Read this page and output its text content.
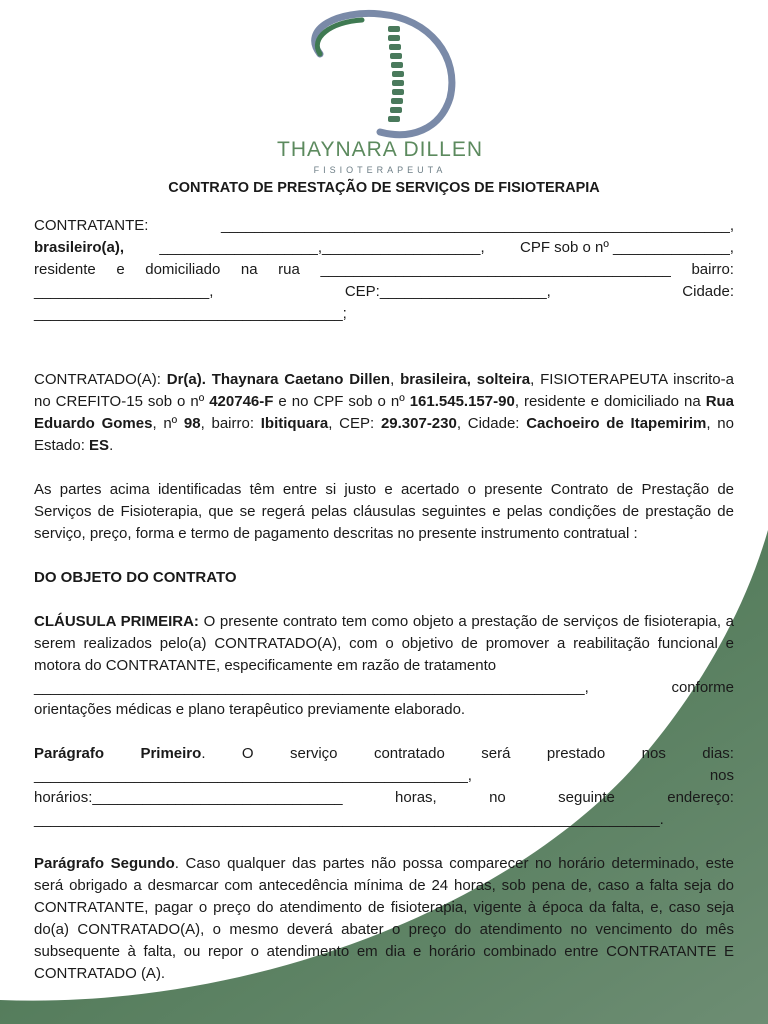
THAYNARA DILLEN
FISIOTERAPEUTA
CONTRATO DE PRESTAÇÃO DE SERVIÇOS DE FISIOTERAPIA
CONTRATANTE:	_____________________________________________________________,
brasileiro(a), ___________________,___________________, CPF sob o nº ______________,
residente e domiciliado na rua __________________________________________ bairro:
_____________________,	CEP:____________________,	Cidade:
_____________________________________;

CONTRATADO(A): Dr(a). Thaynara Caetano Dillen, brasileira, solteira, FISIOTERAPEUTA inscrito-a no CREFITO-15 sob o nº 420746-F e no CPF sob o nº 161.545.157-90, residente e domiciliado na Rua Eduardo Gomes, nº 98, bairro: Ibitiquara, CEP: 29.307-230, Cidade: Cachoeiro de Itapemirim, no Estado: ES.

As partes acima identificadas têm entre si justo e acertado o presente Contrato de Prestação de Serviços de Fisioterapia, que se regerá pelas cláusulas seguintes e pelas condições de prestação de serviço, preço, forma e termo de pagamento descritas no presente instrumento contratual :

DO OBJETO DO CONTRATO

CLÁUSULA PRIMEIRA: O presente contrato tem como objeto a prestação de serviços de fisioterapia, a serem realizados pelo(a) CONTRATADO(A), com o objetivo de promover a reabilitação funcional e motora do CONTRATANTE, especificamente em razão de tratamento

__________________________________________________________________,	conforme

orientações médicas e plano terapêutico previamente elaborado.

Parágrafo Primeiro. O serviço contratado será prestado nos dias:
____________________________________________________,	nos
horários:______________________________	horas,	no	seguinte	endereço:
___________________________________________________________________________.

Parágrafo Segundo. Caso qualquer das partes não possa comparecer no horário determinado, este será obrigado a desmarcar com antecedência mínima de 24 horas, sob pena de, caso a falta seja do CONTRATANTE, pagar o preço do atendimento de fisioterapia, vigente à época da falta, e, caso seja do(a) CONTRATADO(A), o mesmo deverá abater o preço do atendimento no vencimento do mês subsequente à falta, ou repor o atendimento em dia e horário combinado entre CONTRATANTE E CONTRATADO (A).
